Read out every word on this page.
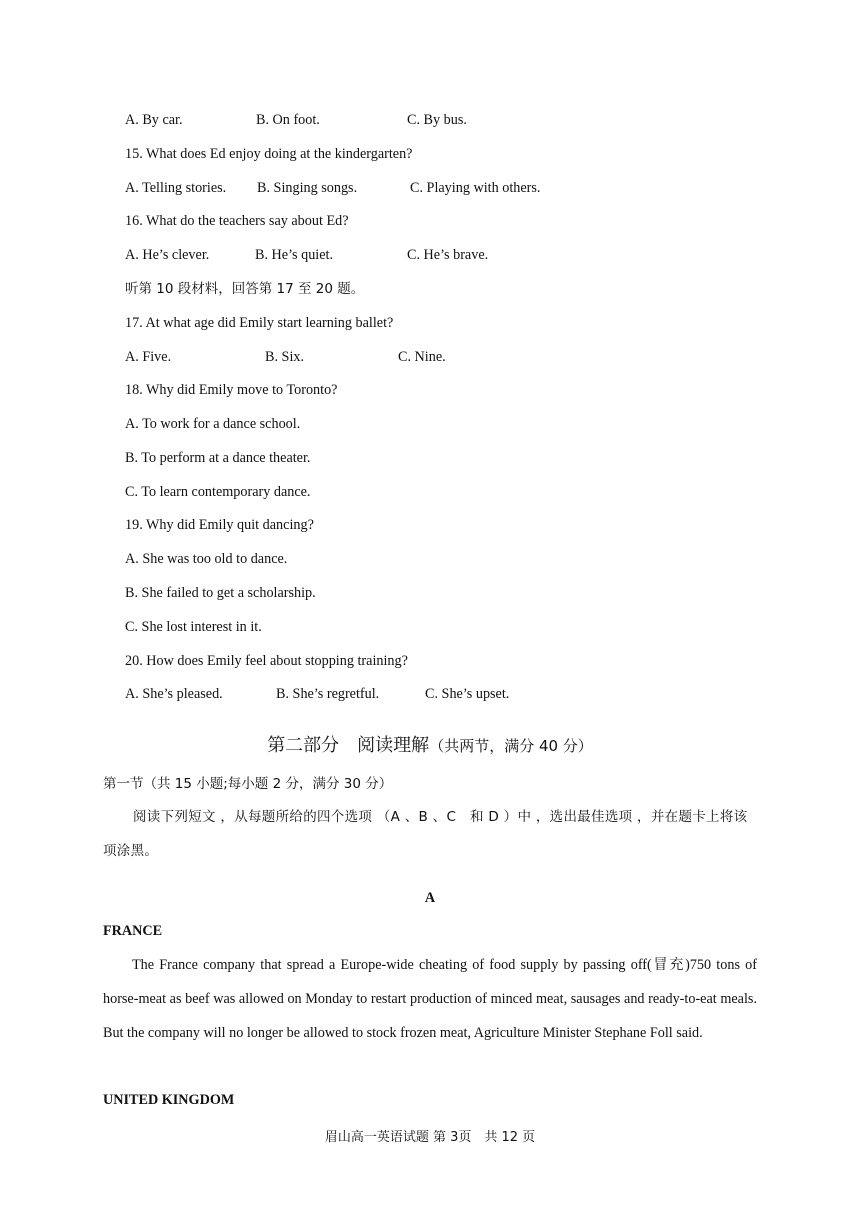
A. By car.	B. On foot.	C. By bus.
15. What does Ed enjoy doing at the kindergarten?
A. Telling stories. B. Singing songs.	C. Playing with others.
16. What do the teachers say about Ed?
A. He’s clever.	B. He’s quiet.	C. He’s brave.
听第 10 段材料，回答第 17 至 20 题。
17. At what age did Emily start learning ballet?
A. Five.	B. Six.	C. Nine.
18. Why did Emily move to Toronto?
A. To work for a dance school.
B. To perform at a dance theater.
C. To learn contemporary dance.
19. Why did Emily quit dancing?
A. She was too old to dance.
B. She failed to get a scholarship.
C. She lost interest in it.
20. How does Emily feel about stopping training?
A. She’s pleased.	B. She’s regretful.	C. She’s upset.
第二部分　阅读理解（共两节，满分 40 分）
第一节（共 15 小题;每小题 2 分，满分 30 分）

阅读下列短文 ，从每题所给的四个选项 （A 、B 、C　和 D ）中 ，选出最佳选项 ，并在题卡上将该项涂黑。

A
FRANCE

The France company that spread a Europe-wide cheating of food supply by passing off(冒充)750 tons of horse-meat as beef was allowed on Monday to restart production of minced meat, sausages and ready-to-eat meals. But the company will no longer be allowed to stock frozen meat, Agriculture Minister Stephane Foll said.

UNITED KINGDOM
眉山高一英语试题 第 3页　共 12 页
